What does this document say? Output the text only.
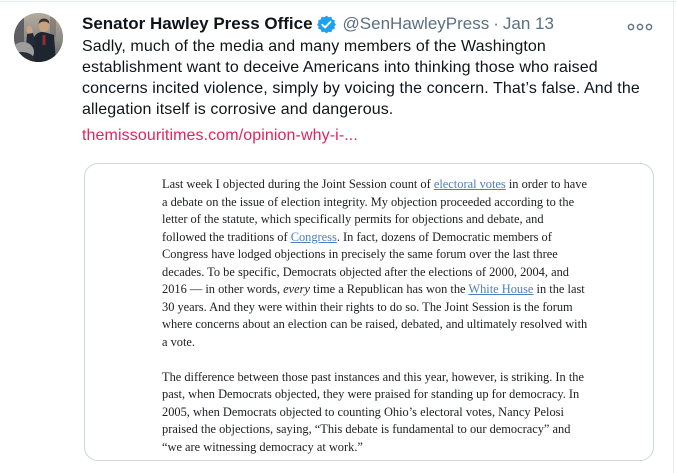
Senator Hawley Press Office @SenHawleyPress · Jan 13
Sadly, much of the media and many members of the Washington establishment want to deceive Americans into thinking those who raised concerns incited violence, simply by voicing the concern. That’s false. And the allegation itself is corrosive and dangerous.
themissouritimes.com/opinion-why-i-...

Last week I objected during the Joint Session count of electoral votes in order to have a debate on the issue of election integrity. My objection proceeded according to the letter of the statute, which specifically permits for objections and debate, and followed the traditions of Congress. In fact, dozens of Democratic members of Congress have lodged objections in precisely the same forum over the last three decades. To be specific, Democrats objected after the elections of 2000, 2004, and 2016 — in other words, every time a Republican has won the White House in the last 30 years. And they were within their rights to do so. The Joint Session is the forum where concerns about an election can be raised, debated, and ultimately resolved with a vote.

The difference between those past instances and this year, however, is striking. In the past, when Democrats objected, they were praised for standing up for democracy. In 2005, when Democrats objected to counting Ohio’s electoral votes, Nancy Pelosi praised the objections, saying, “This debate is fundamental to our democracy” and “we are witnessing democracy at work.”
